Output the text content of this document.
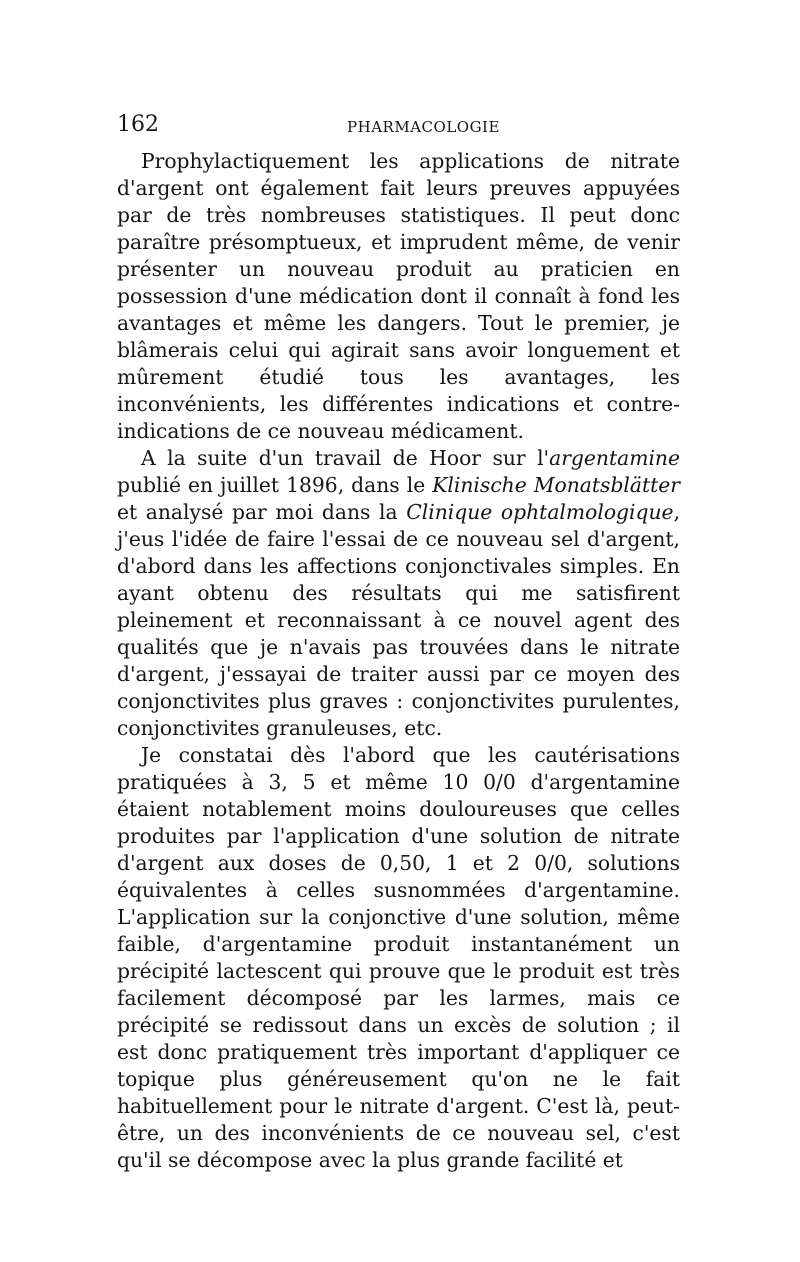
162	PHARMACOLOGIE

Prophylactiquement les applications de nitrate d'argent ont également fait leurs preuves appuyées par de très nombreuses statistiques. Il peut donc paraître présomptueux, et imprudent même, de venir présenter un nouveau produit au praticien en possession d'une médication dont il connaît à fond les avantages et même les dangers. Tout le premier, je blâmerais celui qui agirait sans avoir longuement et mûrement étudié tous les avantages, les inconvénients, les différentes indications et contre-indications de ce nouveau médicament.

A la suite d'un travail de Hoor sur l'argentamine publié en juillet 1896, dans le Klinische Monatsblätter et analysé par moi dans la Clinique ophtalmologique, j'eus l'idée de faire l'essai de ce nouveau sel d'argent, d'abord dans les affections conjonctivales simples. En ayant obtenu des résultats qui me satisfirent pleinement et reconnaissant à ce nouvel agent des qualités que je n'avais pas trouvées dans le nitrate d'argent, j'essayai de traiter aussi par ce moyen des conjonctivites plus graves : conjonctivites purulentes, conjonctivites granuleuses, etc.

Je constatai dès l'abord que les cautérisations pratiquées à 3, 5 et même 10 0/0 d'argentamine étaient notablement moins douloureuses que celles produites par l'application d'une solution de nitrate d'argent aux doses de 0,50, 1 et 2 0/0, solutions équivalentes à celles susnommées d'argentamine. L'application sur la conjonctive d'une solution, même faible, d'argentamine produit instantanément un précipité lactescent qui prouve que le produit est très facilement décomposé par les larmes, mais ce précipité se redissout dans un excès de solution ; il est donc pratiquement très important d'appliquer ce topique plus généreusement qu'on ne le fait habituellement pour le nitrate d'argent. C'est là, peut-être, un des inconvénients de ce nouveau sel, c'est qu'il se décompose avec la plus grande facilité et
